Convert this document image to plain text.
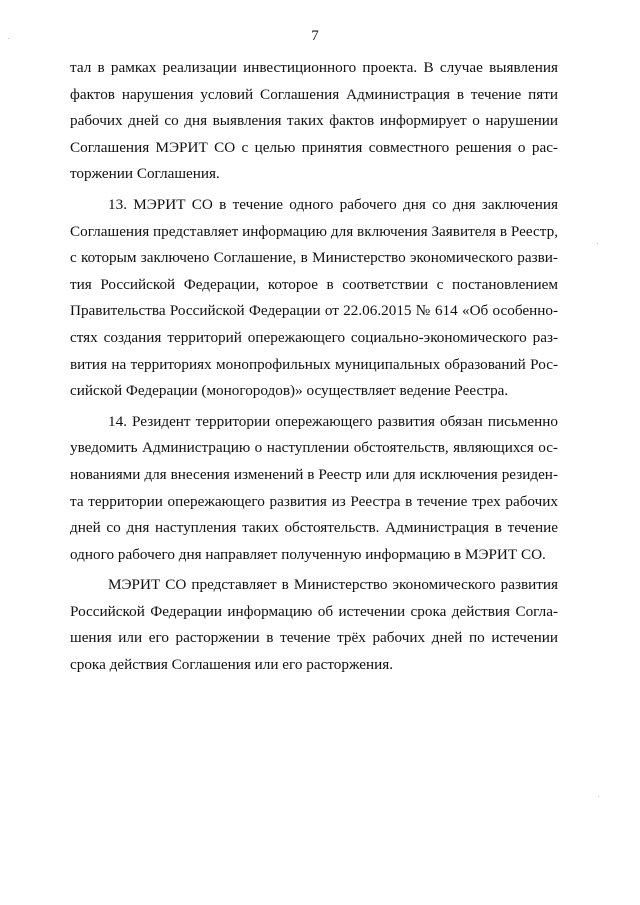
7
тал в рамках реализации инвестиционного проекта. В случае выявления
фактов нарушения условий Соглашения Администрация в течение пяти
рабочих дней со дня выявления таких фактов информирует о нарушении
Соглашения МЭРИТ СО с целью принятия совместного решения о рас-
торжении Соглашения.
13. МЭРИТ СО в течение одного рабочего дня со дня заключения
Соглашения представляет информацию для включения Заявителя в Реестр,
с которым заключено Соглашение, в Министерство экономического разви-
тия Российской Федерации, которое в соответствии с постановлением
Правительства Российской Федерации от 22.06.2015 № 614 «Об особенно-
стях создания территорий опережающего социально-экономического раз-
вития на территориях монопрофильных муниципальных образований Рос-
сийской Федерации (моногородов)» осуществляет ведение Реестра.
14. Резидент территории опережающего развития обязан письменно
уведомить Администрацию о наступлении обстоятельств, являющихся ос-
нованиями для внесения изменений в Реестр или для исключения резиден-
та территории опережающего развития из Реестра в течение трех рабочих
дней со дня наступления таких обстоятельств. Администрация в течение
одного рабочего дня направляет полученную информацию в МЭРИТ СО.
МЭРИТ СО представляет в Министерство экономического развития
Российской Федерации информацию об истечении срока действия Согла-
шения или его расторжении в течение трёх рабочих дней по истечении
срока действия Соглашения или его расторжения.
